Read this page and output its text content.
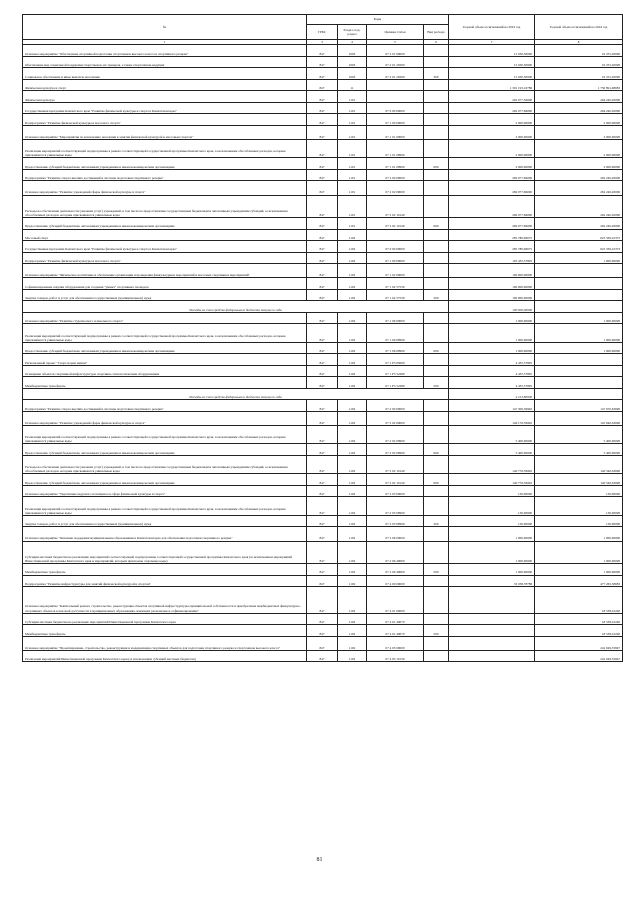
№	Коды				Годовой объем ассигнований на 2023 год	Годовой объем ассигнований на 2024 год
	ГРБС	Раздел, под-раздел	Целевая статья	Вид расхода		
1	3	4	5	6	7	8
Основное мероприятие "Обеспечение спортивной подготовки спортсменов высокого класса и спортивного резерва"	847	1003	07 2 01 00000		15 630,30000	16 255,20000
Обеспечение мер социальной поддержки спортсменов, их тренеров, а также спортсменов-ведущих	847	1003	07 2 01 20290		15 630,30000	16 255,20000
Социальное обеспечение и иные выплаты населению	847	1003	07 2 01 20290	300	15 630,30000	16 255,20000
Физическая культура и спорт	847	11			1 391 193,16786	1 750 891,08683
Физическая культура	847	1101			262 077,59000	264 240,20000
Государственная программа Камчатского края "Развитие физической культуры и спорта в Камчатском крае"	847	1101	07 0 00 00000		262 077,69000	264 240,20000
Подпрограмма "Развитие физической культуры и массового спорта"	847	1101	07 1 00 00000		2 000,00000	2 000,00000
Основное мероприятие "Мероприятия по вовлечению населения в занятия физической культурой и массовым спортом"	847	1101	07 1 01 00000		2 000,00000	2 000,00000
Реализация мероприятий соответствующей подпрограммы в рамках соответствующей государственной программы Камчатского края, за исключением обособленных расходов, которым присваиваются уникальные коды	847	1101	07 1 01 09990		2 000,00000	2 000,00000
Предоставление субсидий бюджетным, автономным учреждениям и иным некоммерческим организациям	847	1101	07 1 01 09990	600	2 000,00000	2 000,00000
Подпрограмма "Развитие спорта высших достижений и системы подготовки спортивного резерва"	847	1101	07 2 00 00000		260 077,69000	262 240,20000
Основное мероприятие "Развитие учреждений сферы физической культуры и спорта"	847	1101	07 2 02 00000		260 077,69000	262 240,20000
Расходы на обеспечение деятельности (оказание услуг) учреждений, в том числе на предоставление государственным бюджетным и автономным учреждениям субсидий, за исключением обособленных расходов, которым присваиваются уникальные коды	847	1101	07 2 02 10140		260 077,69000	262 240,20000
Предоставление субсидий бюджетным, автономным учреждениям и иным некоммерческим организациям	847	1101	07 2 02 10140	600	260 077,69000	262 240,20000
Массовый спорт	847	1102			285 780,96675	625 336,22373
Государственная программа Камчатского края "Развитие физической культуры и спорта в Камчатском крае"	847	1102	07 0 00 00000		285 780,96675	625 336,22373
Подпрограмма "Развитие физической культуры и массового спорта"	847	1102	07 1 00 00000		105 435,57895	1 000,00000
Основное мероприятие "Физическое воспитание и обеспечение организации и проведения физкультурных мероприятий и массовых спортивных мероприятий"	847	1102	07 1 02 00000		100 000,00000	
Софинансирование закупки оборудования для создания "умных" спортивных площадок	847	1102	07 1 02 57530		100 000,00000	
Закупка товаров, работ и услуг для обеспечения государственных (муниципальных) нужд	847	1102	07 1 02 57530	200	100 000,00000	
Расходы за счет средств федерального бюджета текущего года					100 000,00000	
Основное мероприятие "Развитие студенческого и школьного спорта"	847	1102	07 1 06 00000		1 000,00000	1 000,00000
Реализация мероприятий соответствующей подпрограммы в рамках соответствующей государственной программы Камчатского края, за исключением обособленных расходов, которым присваиваются уникальные коды	847	1102	07 1 06 09990		1 000,00000	1 000,00000
Предоставление субсидий бюджетным, автономным учреждениям и иным некоммерческим организациям	847	1102	07 1 06 09990	600	1 000,00000	1 000,00000
Региональный проект "Спорт-норма жизни"	847	1102	07 1 P5 00000		4 435,57895	
Оснащение объектов спортивной инфраструктуры спортивно-технологическим оборудованием	847	1102	07 1 P5 52280		4 435,57895	
Межбюджетные трансферты	847	1102	07 1 P5 52280	500	4 435,57895	
Расходы за счет средств федерального бюджета текущего года					4 213,80000	
Подпрограмма "Развитие спорта высших достижений и системы подготовки спортивного резерва"	847	1102	07 2 00 00000		147 306,59992	147 070,63690
Основное мероприятие "Развитие учреждений сферы физической культуры и спорта"	847	1102	07 2 02 00000		146 176,59992	145 940,63690
Реализация мероприятий соответствующей подпрограммы в рамках соответствующей государственной программы Камчатского края, за исключением обособленных расходов, которым присваиваются уникальные коды	847	1102	07 2 02 09990		5 400,00000	5 400,00000
Предоставление субсидий бюджетным, автономным учреждениям и иным некоммерческим организациям	847	1102	07 2 02 09990	600	5 400,00000	5 400,00000
Расходы на обеспечение деятельности (оказание услуг) учреждений, в том числе на предоставление государственным бюджетным и автономным учреждениям субсидий, за исключением обособленных расходов, которым присваиваются уникальные коды	847	1102	07 2 02 10140		140 776,59992	140 540,63690
Предоставление субсидий бюджетным, автономным учреждениям и иным некоммерческим организациям	847	1102	07 2 02 10140	600	140 776,59992	140 540,63690
Основное мероприятие "Укрепление кадрового потенциала в сфере физической культуры и спорта"	847	1102	07 2 03 00000		130,00000	130,00000
Реализация мероприятий соответствующей подпрограммы в рамках соответствующей государственной программы Камчатского края, за исключением обособленных расходов, которым присваиваются уникальные коды	847	1102	07 2 03 09990		130,00000	130,00000
Закупка товаров, работ и услуг для обеспечения государственных (муниципальных) нужд	847	1102	07 2 03 09990	200	130,00000	130,00000
Основное мероприятие "Оказание поддержки муниципальным образованиям в Камчатском крае для обеспечения подготовки спортивного резерва"	847	1102	07 2 06 00000		1 000,00000	1 000,00000
Субсидии местным бюджетам на реализацию мероприятий соответствующей подпрограммы соответствующей государственной программы Камчатского края (за исключением мероприятий Инвестиционной программы Камчатского края и мероприятий, которым присвоены отдельные коды)	847	1102	07 2 06 40060		1 000,00000	1 000,00000
Межбюджетные трансферты	847	1102	07 2 06 40060	500	1 000,00000	1 000,00000
Подпрограмма "Развитие инфраструктуры для занятий физической культурой и спортом"	847	1102	07 4 00 00000		33 038,78788	477 265,58683
Основное мероприятие "Капитальный ремонт, строительство, реконструкция объектов спортивной инфраструктуры муниципальной собственности и приобретение межбюджетных физкультурно-спортивных объектов в шаговой доступности в муниципальных образованиях, имеющих региональное софинансирование"	847	1102	07 4 01 00000			18 538,22240
Субсидии местным бюджетам на реализацию мероприятий Инвестиционной программы Камчатского края	847	1102	07 4 01 40070			18 538,22240
Межбюджетные трансферты	847	1102	07 4 01 40070	500		18 538,22240
Основное мероприятие "Проектирование, строительство, реконструкция и модернизация спортивных объектов для подготовки спортивного резерва и спортсменов высокого класса"	847	1102	07 4 03 00000			242 049,35847
Реализация мероприятий Инвестиционной программы Камчатского края (за исключением субсидий местным бюджетам)	847	1102	07 4 03 10130			242 049,35847
81
